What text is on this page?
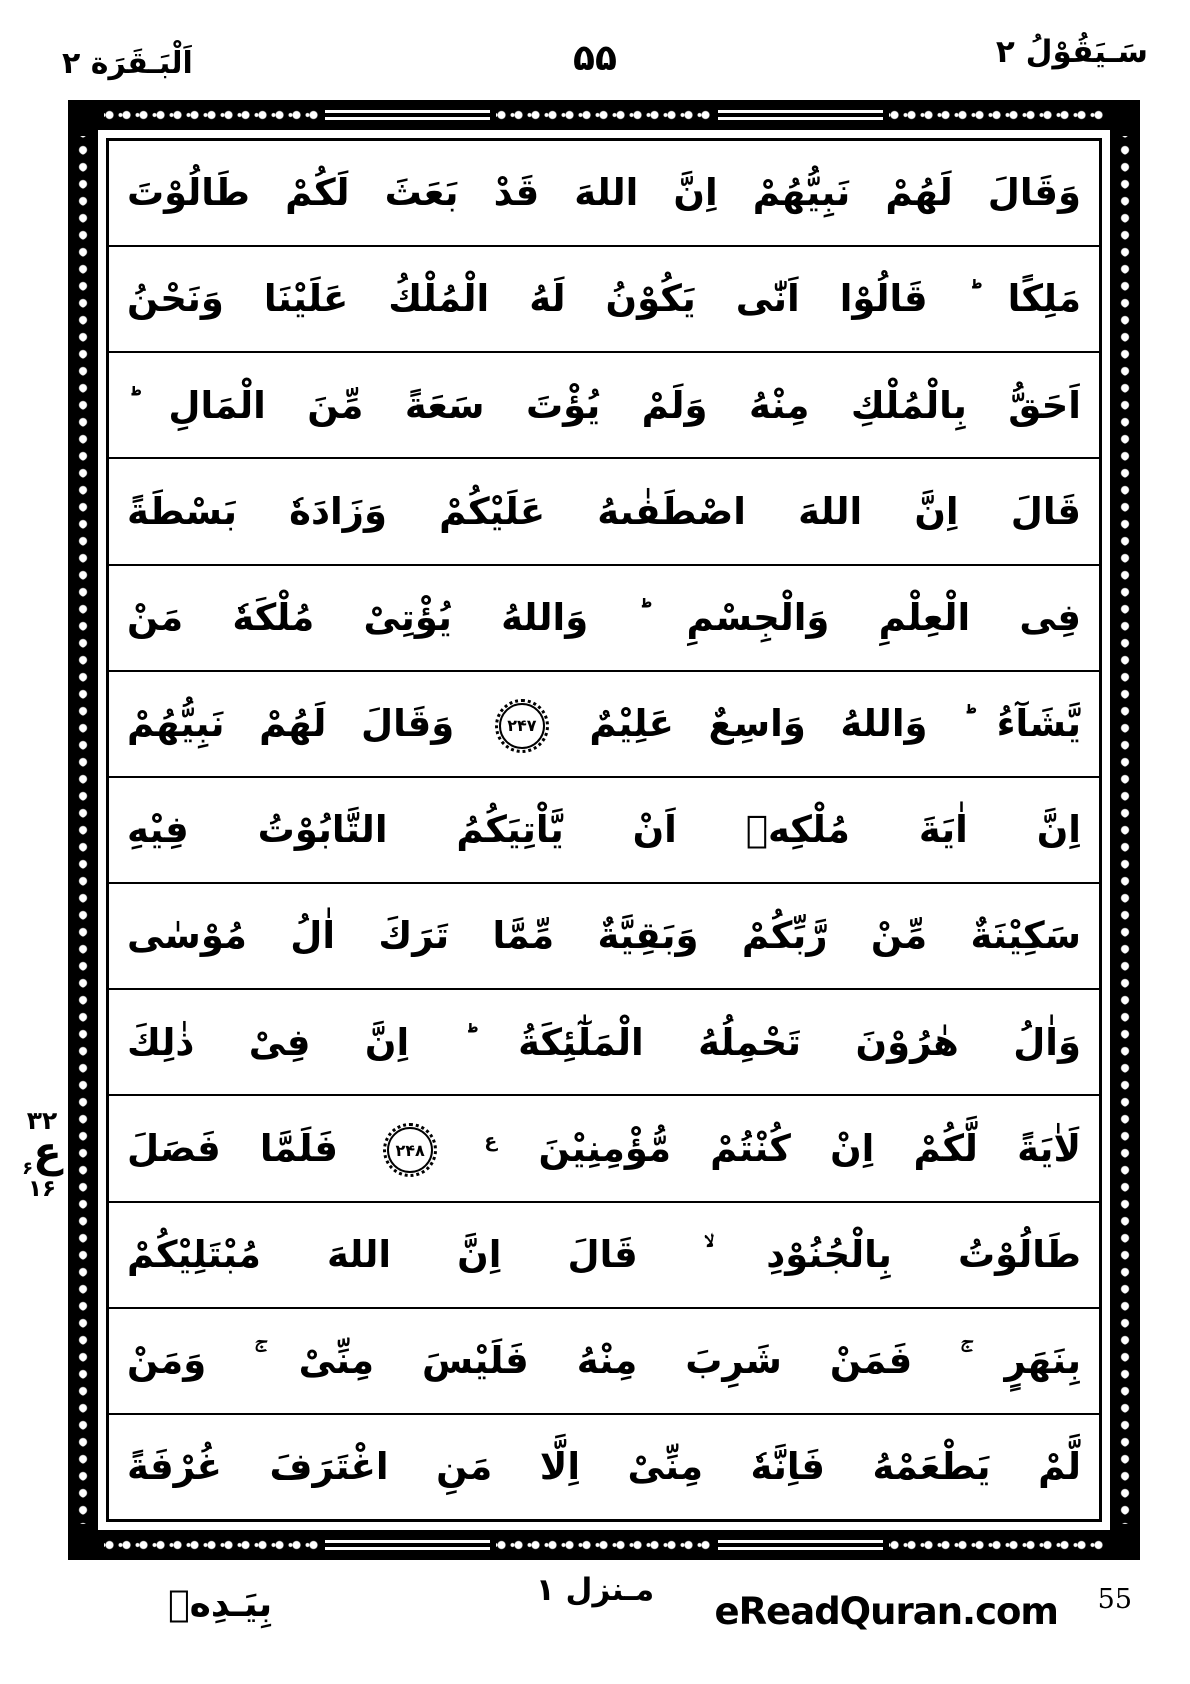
اَلْبَـقَرَة ۲	۵۵	سَـيَقُوْلُ ۲
وَقَالَ لَهُمْ نَبِيُّهُمْ اِنَّ اللهَ قَدْ بَعَثَ لَكُمْ طَالُوْتَ
مَلِكًا ؕ قَالُوْا اَنّٰى يَكُوْنُ لَهُ الْمُلْكُ عَلَيْنَا وَنَحْنُ
اَحَقُّ بِالْمُلْكِ مِنْهُ وَلَمْ يُؤْتَ سَعَةً مِّنَ الْمَالِ ؕ
قَالَ اِنَّ اللهَ اصْطَفٰىهُ عَلَيْكُمْ وَزَادَهٗ بَسْطَةً
فِى الْعِلْمِ وَالْجِسْمِ ؕ وَاللهُ يُؤْتِىْ مُلْكَهٗ مَنْ
يَّشَآءُ ؕ وَاللهُ وَاسِعٌ عَلِيْمٌ ۲۴۷ وَقَالَ لَهُمْ نَبِيُّهُمْ
اِنَّ اٰيَةَ مُلْكِهٖ اَنْ يَّاْتِيَكُمُ التَّابُوْتُ فِيْهِ
سَكِيْنَةٌ مِّنْ رَّبِّكُمْ وَبَقِيَّةٌ مِّمَّا تَرَكَ اٰلُ مُوْسٰى
وَاٰلُ هٰرُوْنَ تَحْمِلُهُ الْمَلٰٓئِكَةُ ؕ اِنَّ فِىْ ذٰلِكَ
لَاٰيَةً لَّكُمْ اِنْ كُنْتُمْ مُّؤْمِنِيْنَ $^ع$ ۲۴۸ فَلَمَّا فَصَلَ
طَالُوْتُ بِالْجُنُوْدِ ۙ قَالَ اِنَّ اللهَ مُبْتَلِيْكُمْ
بِنَهَرٍ ۚ فَمَنْ شَرِبَ مِنْهُ فَلَيْسَ مِنِّىْ ۚ وَمَنْ
لَّمْ يَطْعَمْهُ فَاِنَّهٗ مِنِّىْ اِلَّا مَنِ اغْتَرَفَ غُرْفَةً
۳۲
ع$_۶$
۱۶
بِيَـدِهٖ	مـنزل ۱ eReadQuran.com 55
